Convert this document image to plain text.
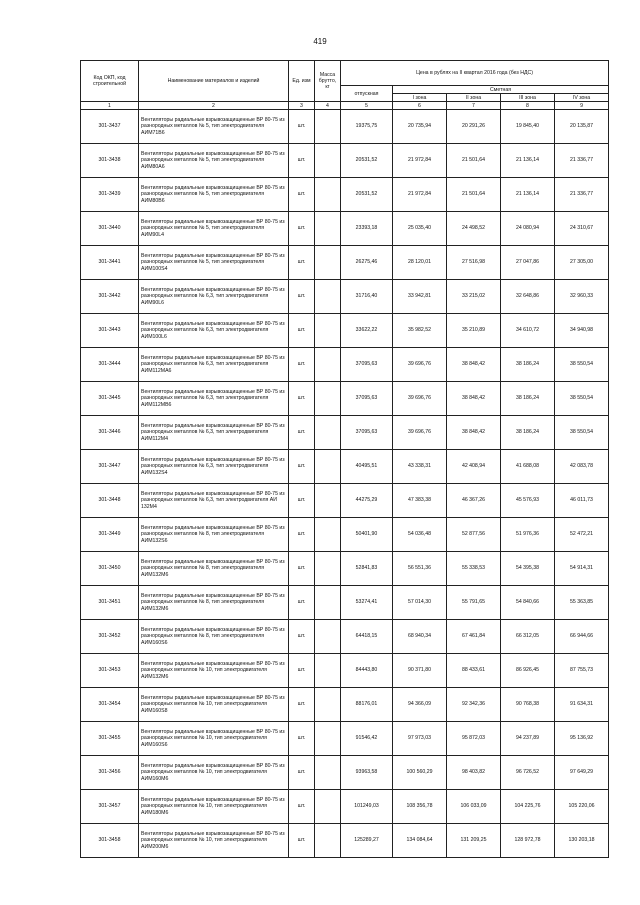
419
Код ОКП, код строительной	Наименование материалов и изделий	Ед. изм	Масса брутто, кг	Цена в рублях на II квартал 2016 года (без НДС)				
				отпускная	Сметная			
					I зона	II зона	III зона	IV зона
1	2	3	4	5	6	7	8	9
301-3437	Вентиляторы радиальные взрывозащищенные ВР 80-75 из разнородных металлов № 5, тип электродвигателя АИМ71В6	шт.		19375,75	20 735,94	20 291,26	19 845,40	20 135,87
301-3438	Вентиляторы радиальные взрывозащищенные ВР 80-75 из разнородных металлов № 5, тип электродвигателя АИМ80А6	шт.		20531,52	21 972,84	21 501,64	21 136,14	21 336,77
301-3439	Вентиляторы радиальные взрывозащищенные ВР 80-75 из разнородных металлов № 5, тип электродвигателя АИМ80В6	шт.		20531,52	21 972,84	21 501,64	21 136,14	21 336,77
301-3440	Вентиляторы радиальные взрывозащищенные ВР 80-75 из разнородных металлов № 5, тип электродвигателя АИМ90L4	шт.		23393,18	25 035,40	24 498,52	24 080,94	24 310,67
301-3441	Вентиляторы радиальные взрывозащищенные ВР 80-75 из разнородных металлов № 5, тип электродвигателя АИМ100S4	шт.		26275,46	28 120,01	27 516,98	27 047,86	27 305,00
301-3442	Вентиляторы радиальные взрывозащищенные ВР 80-75 из разнородных металлов № 6,3, тип электродвигателя АИМ90L6	шт.		31716,40	33 942,81	33 215,02	32 648,86	32 960,33
301-3443	Вентиляторы радиальные взрывозащищенные ВР 80-75 из разнородных металлов № 6,3, тип электродвигателя АИМ100L6	шт.		33622,22	35 982,52	35 210,89	34 610,72	34 940,98
301-3444	Вентиляторы радиальные взрывозащищенные ВР 80-75 из разнородных металлов № 6,3, тип электродвигателя АИМ112МА6	шт.		37095,63	39 696,76	38 848,42	38 186,24	38 550,54
301-3445	Вентиляторы радиальные взрывозащищенные ВР 80-75 из разнородных металлов № 6,3, тип электродвигателя АИМ112МВ6	шт.		37095,63	39 696,76	38 848,42	38 186,24	38 550,54
301-3446	Вентиляторы радиальные взрывозащищенные ВР 80-75 из разнородных металлов № 6,3, тип электродвигателя АИМ112М4	шт.		37095,63	39 696,76	38 848,42	38 186,24	38 550,54
301-3447	Вентиляторы радиальные взрывозащищенные ВР 80-75 из разнородных металлов № 6,3, тип электродвигателя АИМ132S4	шт.		40495,51	43 338,31	42 408,94	41 688,08	42 083,78
301-3448	Вентиляторы радиальные взрывозащищенные ВР 80-75 из разнородных металлов № 6,3, тип электродвигателя АИ 132М4	шт.		44275,29	47 383,38	46 367,26	45 576,93	46 011,73
301-3449	Вентиляторы радиальные взрывозащищенные ВР 80-75 из разнородных металлов № 8, тип электродвигателя АИМ132S6	шт.		50401,90	54 036,48	52 877,56	51 976,36	52 472,21
301-3450	Вентиляторы радиальные взрывозащищенные ВР 80-75 из разнородных металлов № 8, тип электродвигателя АИМ132М6	шт.		52841,83	56 551,36	55 338,53	54 395,38	54 914,31
301-3451	Вентиляторы радиальные взрывозащищенные ВР 80-75 из разнородных металлов № 8, тип электродвигателя АИМ132М6	шт.		53274,41	57 014,30	55 791,65	54 840,66	55 363,85
301-3452	Вентиляторы радиальные взрывозащищенные ВР 80-75 из разнородных металлов № 8, тип электродвигателя АИМ160S6	шт.		64418,15	68 940,34	67 461,84	66 312,05	66 944,66
301-3453	Вентиляторы радиальные взрывозащищенные ВР 80-75 из разнородных металлов № 10, тип электродвигателя АИМ132М6	шт.		84443,80	90 371,80	88 433,61	86 926,45	87 755,73
301-3454	Вентиляторы радиальные взрывозащищенные ВР 80-75 из разнородных металлов № 10, тип электродвигателя АИМ160S8	шт.		88176,01	94 366,09	92 342,36	90 768,38	91 634,31
301-3455	Вентиляторы радиальные взрывозащищенные ВР 80-75 из разнородных металлов № 10, тип электродвигателя АИМ160S6	шт.		91546,42	97 973,03	95 872,03	94 237,89	95 136,92
301-3456	Вентиляторы радиальные взрывозащищенные ВР 80-75 из разнородных металлов № 10, тип электродвигателя АИМ160М6	шт.		93963,58	100 560,29	98 403,82	96 726,52	97 649,29
301-3457	Вентиляторы радиальные взрывозащищенные ВР 80-75 из разнородных металлов № 10, тип электродвигателя АИМ180М6	шт.		101249,03	108 356,78	106 033,09	104 225,76	105 220,06
301-3458	Вентиляторы радиальные взрывозащищенные ВР 80-75 из разнородных металлов № 10, тип электродвигателя АИМ200М6	шт.		125289,27	134 084,64	131 209,25	128 972,78	130 203,18
